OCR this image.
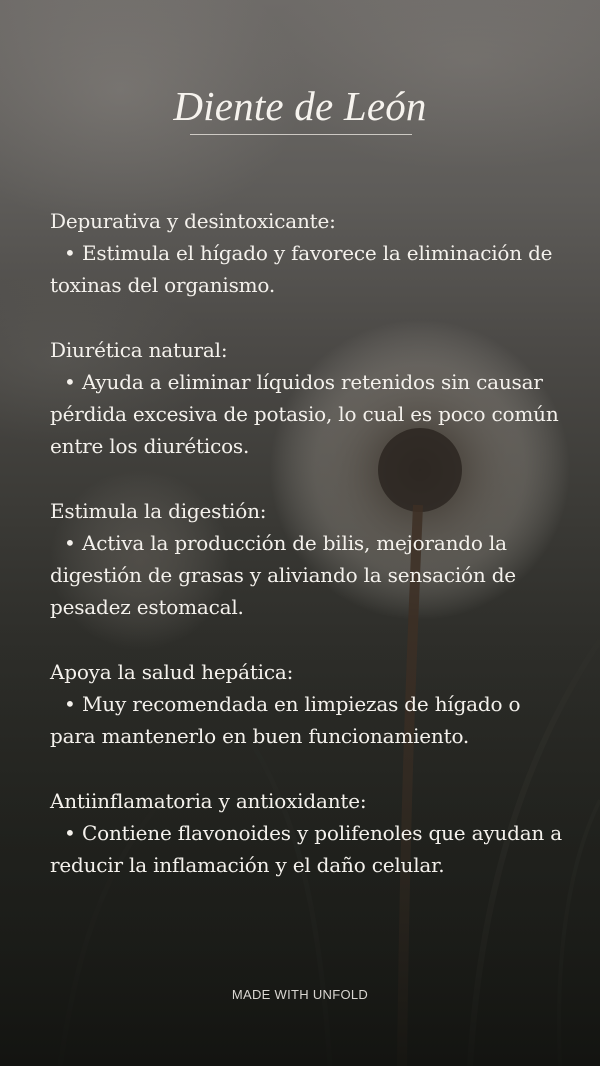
Diente de León

Depurativa y desintoxicante:

• Estimula el hígado y favorece la eliminación de toxinas del organismo.

Diurética natural:

• Ayuda a eliminar líquidos retenidos sin causar pérdida excesiva de potasio, lo cual es poco común entre los diuréticos.

Estimula la digestión:

• Activa la producción de bilis, mejorando la digestión de grasas y aliviando la sensación de pesadez estomacal.

Apoya la salud hepática:

• Muy recomendada en limpiezas de hígado o para mantenerlo en buen funcionamiento.

Antiinflamatoria y antioxidante:

• Contiene flavonoides y polifenoles que ayudan a reducir la inflamación y el daño celular.

MADE WITH UNFOLD
